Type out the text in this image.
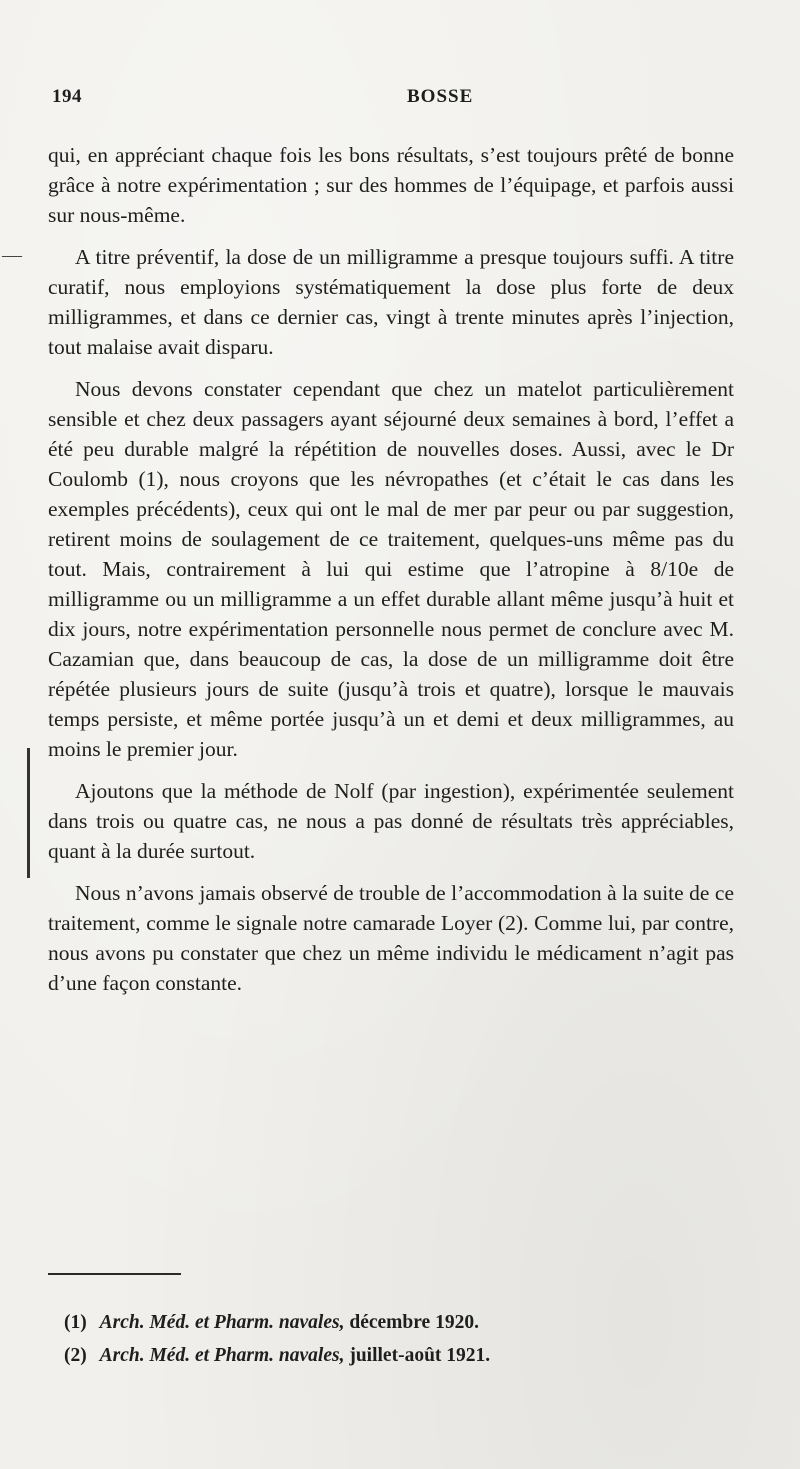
194	BOSSE
—

qui, en appréciant chaque fois les bons résultats, s’est toujours prêté de bonne grâce à notre expérimentation ; sur des hommes de l’équipage, et parfois aussi sur nous-même.

A titre préventif, la dose de un milligramme a presque toujours suffi. A titre curatif, nous employions systématiquement la dose plus forte de deux milligrammes, et dans ce dernier cas, vingt à trente minutes après l’injection, tout malaise avait disparu.

Nous devons constater cependant que chez un matelot particulièrement sensible et chez deux passagers ayant séjourné deux semaines à bord, l’effet a été peu durable malgré la répétition de nouvelles doses. Aussi, avec le Dr Coulomb (1), nous croyons que les névropathes (et c’était le cas dans les exemples précédents), ceux qui ont le mal de mer par peur ou par suggestion, retirent moins de soulagement de ce traitement, quelques-uns même pas du tout. Mais, contrairement à lui qui estime que l’atropine à 8/10e de milligramme ou un milligramme a un effet durable allant même jusqu’à huit et dix jours, notre expérimentation personnelle nous permet de conclure avec M. Cazamian que, dans beaucoup de cas, la dose de un milligramme doit être répétée plusieurs jours de suite (jusqu’à trois et quatre), lorsque le mauvais temps persiste, et même portée jusqu’à un et demi et deux milligrammes, au moins le premier jour.

Ajoutons que la méthode de Nolf (par ingestion), expérimentée seulement dans trois ou quatre cas, ne nous a pas donné de résultats très appréciables, quant à la durée surtout.

Nous n’avons jamais observé de trouble de l’accommodation à la suite de ce traitement, comme le signale notre camarade Loyer (2). Comme lui, par contre, nous avons pu constater que chez un même individu le médicament n’agit pas d’une façon constante.

(1) Arch. Méd. et Pharm. navales, décembre 1920.
(2) Arch. Méd. et Pharm. navales, juillet-août 1921.
